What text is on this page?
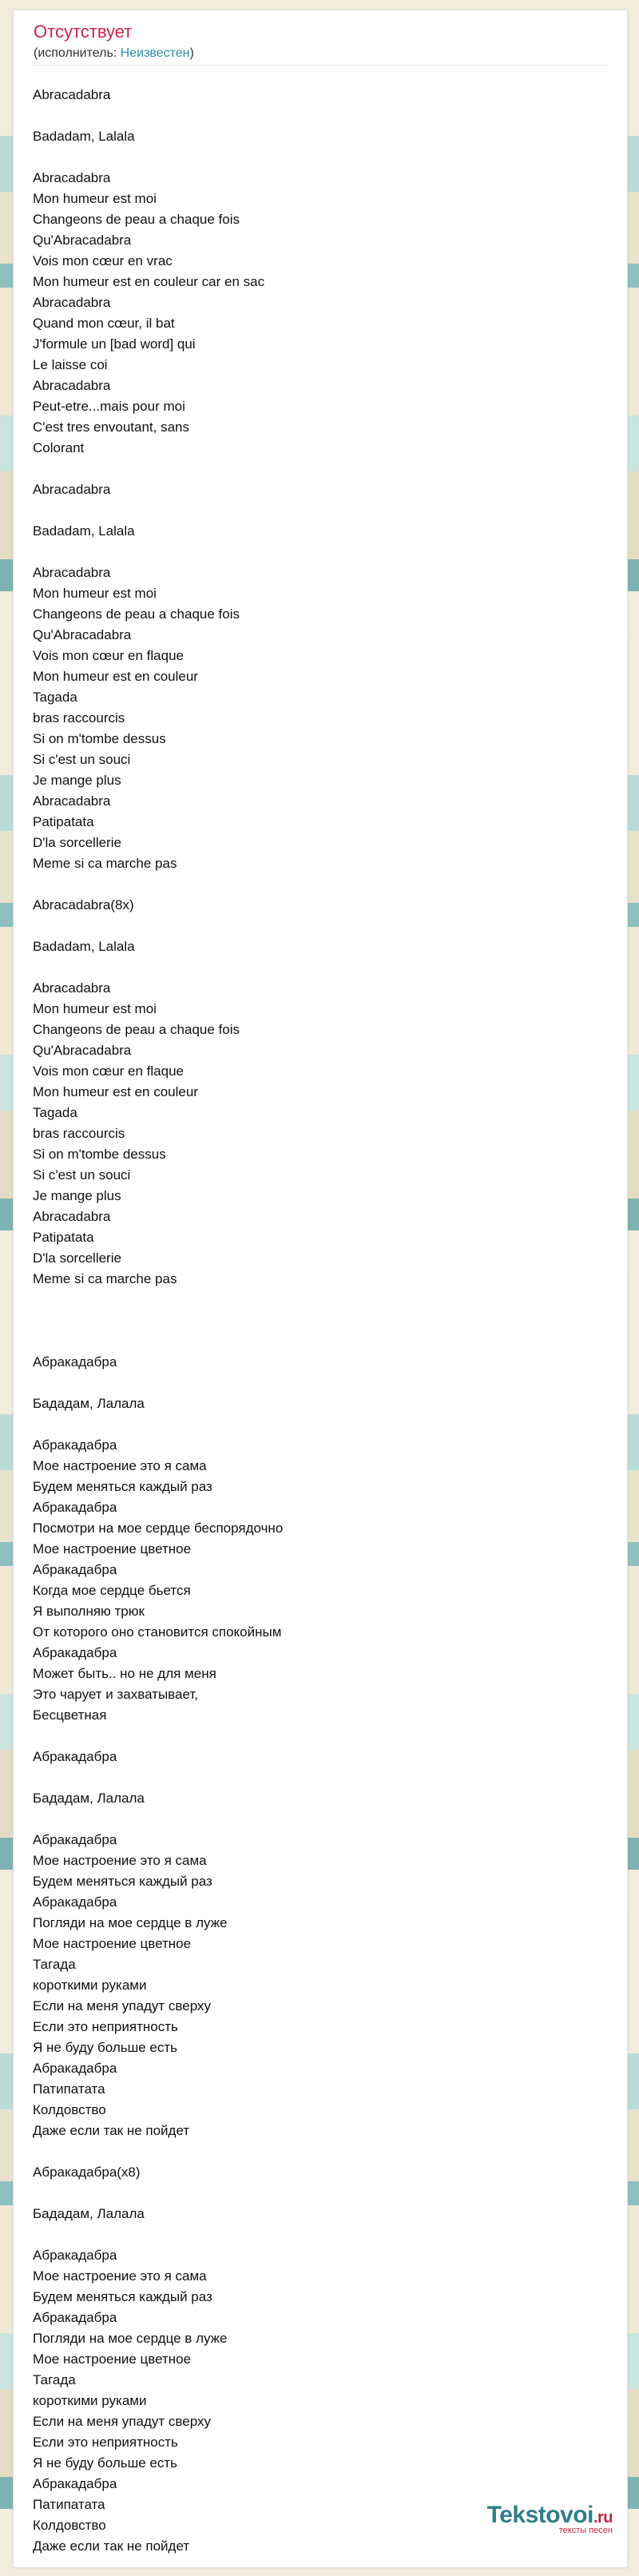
Отсутствует
(исполнитель: Неизвестен)
Abracadabra

Badadam, Lalala

Abracadabra
Mon humeur est moi
Changeons de peau a chaque fois
Qu'Abracadabra
Vois mon cœur en vrac
Mon humeur est en couleur car en sac
Abracadabra
Quand mon cœur, il bat
J'formule un [bad word] qui
Le laisse coi
Abracadabra
Peut-etre...mais pour moi
C'est tres envoutant, sans
Colorant

Abracadabra

Badadam, Lalala

Abracadabra
Mon humeur est moi
Changeons de peau a chaque fois
Qu'Abracadabra
Vois mon cœur en flaque
Mon humeur est en couleur
Tagada
bras raccourcis
Si on m'tombe dessus
Si c'est un souci
Je mange plus
Abracadabra
Patipatata
D'la sorcellerie
Meme si ca marche pas

Abracadabra(8x)

Badadam, Lalala

Abracadabra
Mon humeur est moi
Changeons de peau a chaque fois
Qu'Abracadabra
Vois mon cœur en flaque
Mon humeur est en couleur
Tagada
bras raccourcis
Si on m'tombe dessus
Si c'est un souci
Je mange plus
Abracadabra
Patipatata
D'la sorcellerie
Meme si ca marche pas

Абракадабра

Бададам, Лалала

Абракадабра
Мое настроение это я сама
Будем меняться каждый раз
Абракадабра
Посмотри на мое сердце беспорядочно
Мое настроение цветное
Абракадабра
Когда мое сердце бьется
Я выполняю трюк
От которого оно становится спокойным
Абракадабра
Может быть.. но не для меня
Это чарует и захватывает,
Бесцветная

Абракадабра

Бададам, Лалала

Абракадабра
Мое настроение это я сама
Будем меняться каждый раз
Абракадабра
Погляди на мое сердце в луже
Мое настроение цветное
Тагада
короткими руками
Если на меня упадут сверху
Если это неприятность
Я не буду больше есть
Абракадабра
Патипатата
Колдовство
Даже если так не пойдет

Абракадабра(x8)

Бададам, Лалала

Абракадабра
Мое настроение это я сама
Будем меняться каждый раз
Абракадабра
Погляди на мое сердце в луже
Мое настроение цветное
Тагада
короткими руками
Если на меня упадут сверху
Если это неприятность
Я не буду больше есть
Абракадабра
Патипатата
Колдовство
Даже если так не пойдет
Tekstovoi.ru
тексты песен
